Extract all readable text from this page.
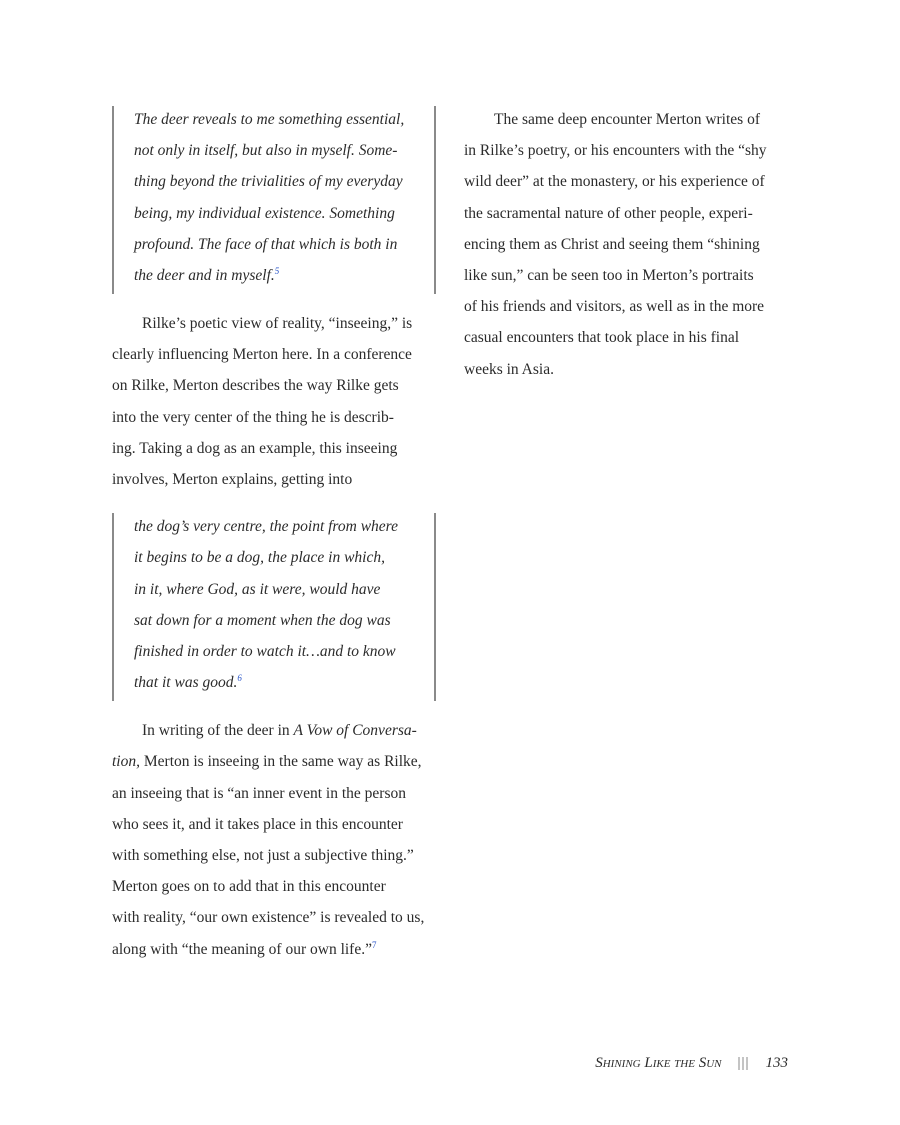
The deer reveals to me something essential,
not only in itself, but also in myself. Some-
thing beyond the trivialities of my everyday
being, my individual existence. Something
profound. The face of that which is both in
the deer and in myself.$^5$
Rilke’s poetic view of reality, “inseeing,” is
clearly influencing Merton here. In a conference
on Rilke, Merton describes the way Rilke gets
into the very center of the thing he is describ-
ing. Taking a dog as an example, this inseeing
involves, Merton explains, getting into
the dog’s very centre, the point from where
it begins to be a dog, the place in which,
in it, where God, as it were, would have
sat down for a moment when the dog was
finished in order to watch it…and to know
that it was good.$^6$
In writing of the deer in A Vow of Conversa-
tion, Merton is inseeing in the same way as Rilke,
an inseeing that is “an inner event in the person
who sees it, and it takes place in this encounter
with something else, not just a subjective thing.”
Merton goes on to add that in this encounter
with reality, “our own existence” is revealed to us,
along with “the meaning of our own life.”$^7$
The same deep encounter Merton writes of
in Rilke’s poetry, or his encounters with the “shy
wild deer” at the monastery, or his experience of
the sacramental nature of other people, experi-
encing them as Christ and seeing them “shining
like sun,” can be seen too in Merton’s portraits
of his friends and visitors, as well as in the more
casual encounters that took place in his final
weeks in Asia.
Shining Like the Sun ||| 133
